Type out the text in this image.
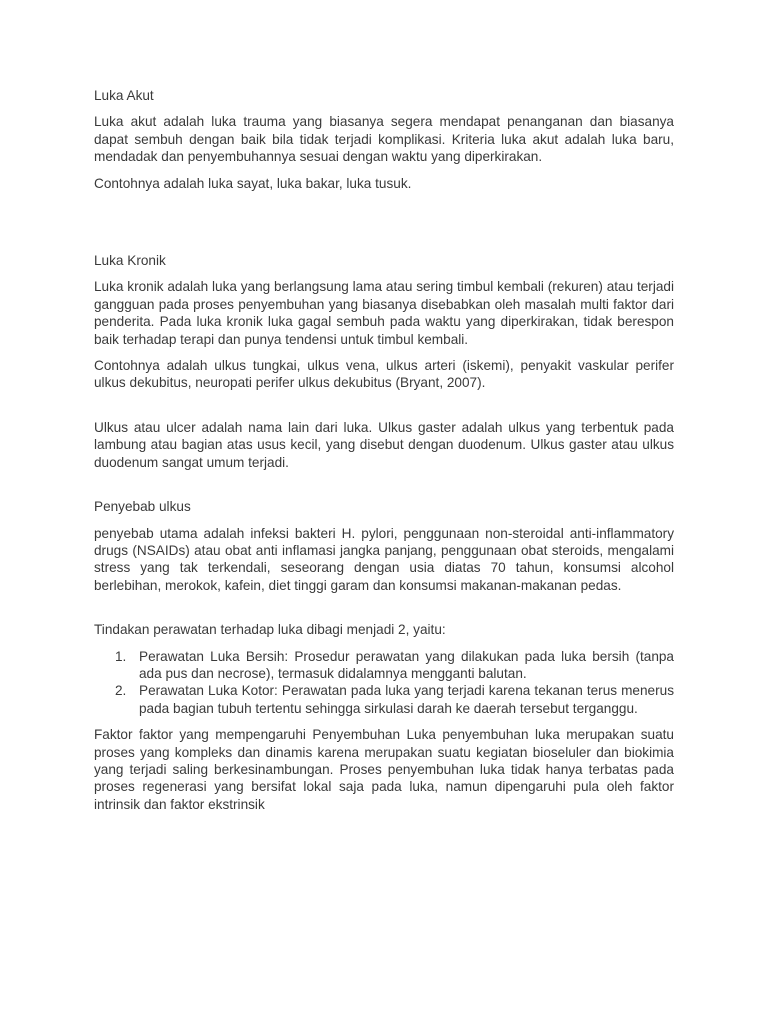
Luka Akut

Luka akut adalah luka trauma yang biasanya segera mendapat penanganan dan biasanya dapat sembuh dengan baik bila tidak terjadi komplikasi. Kriteria luka akut adalah luka baru, mendadak dan penyembuhannya sesuai dengan waktu yang diperkirakan.

Contohnya adalah luka sayat, luka bakar, luka tusuk.

Luka Kronik

Luka kronik adalah luka yang berlangsung lama atau sering timbul kembali (rekuren) atau terjadi gangguan pada proses penyembuhan yang biasanya disebabkan oleh masalah multi faktor dari penderita. Pada luka kronik luka gagal sembuh pada waktu yang diperkirakan, tidak berespon baik terhadap terapi dan punya tendensi untuk timbul kembali.

Contohnya adalah ulkus tungkai, ulkus vena, ulkus arteri (iskemi), penyakit vaskular perifer ulkus dekubitus, neuropati perifer ulkus dekubitus (Bryant, 2007).

Ulkus atau ulcer adalah nama lain dari luka. Ulkus gaster adalah ulkus yang terbentuk pada lambung atau bagian atas usus kecil, yang disebut dengan duodenum. Ulkus gaster atau ulkus duodenum sangat umum terjadi.

Penyebab ulkus

penyebab utama adalah infeksi bakteri H. pylori, penggunaan non-steroidal anti-inflammatory drugs (NSAIDs) atau obat anti inflamasi jangka panjang, penggunaan obat steroids, mengalami stress yang tak terkendali, seseorang dengan usia diatas 70 tahun, konsumsi alcohol berlebihan, merokok, kafein, diet tinggi garam dan konsumsi makanan-makanan pedas.

Tindakan perawatan terhadap luka dibagi menjadi 2, yaitu:

1. Perawatan Luka Bersih: Prosedur perawatan yang dilakukan pada luka bersih (tanpa ada pus dan necrose), termasuk didalamnya mengganti balutan.
2. Perawatan Luka Kotor: Perawatan pada luka yang terjadi karena tekanan terus menerus pada bagian tubuh tertentu sehingga sirkulasi darah ke daerah tersebut terganggu.

Faktor faktor yang mempengaruhi Penyembuhan Luka penyembuhan luka merupakan suatu proses yang kompleks dan dinamis karena merupakan suatu kegiatan bioseluler dan biokimia yang terjadi saling berkesinambungan. Proses penyembuhan luka tidak hanya terbatas pada proses regenerasi yang bersifat lokal saja pada luka, namun dipengaruhi pula oleh faktor intrinsik dan faktor ekstrinsik
